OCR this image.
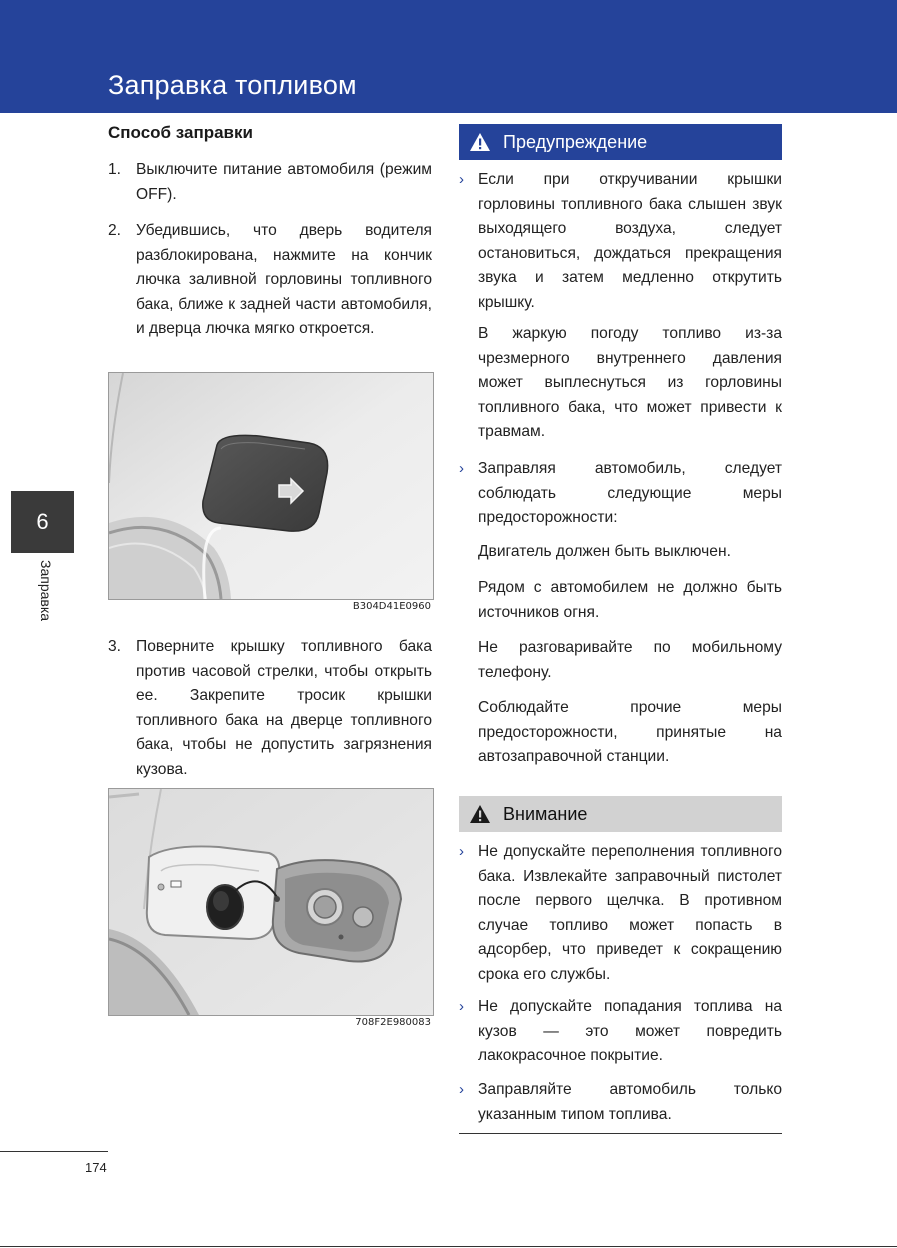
Заправка топливом
6
Заправка
Способ заправки
1. Выключите питание автомобиля (режим OFF).
2. Убедившись, что дверь водителя разблокирована, нажмите на кончик лючка заливной горловины топливного бака, ближе к задней части автомобиля, и дверца лючка мягко откроется.
B304D41E0960
3. Поверните крышку топливного бака против часовой стрелки, чтобы открыть ее. Закрепите тросик крышки топливного бака на дверце топливного бака, чтобы не допустить загрязнения кузова.
708F2E980083
Предупреждение
› Если при откручивании крышки горловины топливного бака слышен звук выходящего воздуха, следует остановиться, дождаться прекращения звука и затем медленно открутить крышку.
В жаркую погоду топливо из-за чрезмерного внутреннего давления может выплеснуться из горловины топливного бака, что может привести к травмам.
› Заправляя автомобиль, следует соблюдать следующие меры предосторожности:
Двигатель должен быть выключен.
Рядом с автомобилем не должно быть источников огня.
Не разговаривайте по мобильному телефону.
Соблюдайте прочие меры предосторожности, принятые на автозаправочной станции.
Внимание
› Не допускайте переполнения топливного бака. Извлекайте заправочный пистолет после первого щелчка. В противном случае топливо может попасть в адсорбер, что приведет к сокращению срока его службы.
› Не допускайте попадания топлива на кузов — это может повредить лакокрасочное покрытие.
› Заправляйте автомобиль только указанным типом топлива.
174
